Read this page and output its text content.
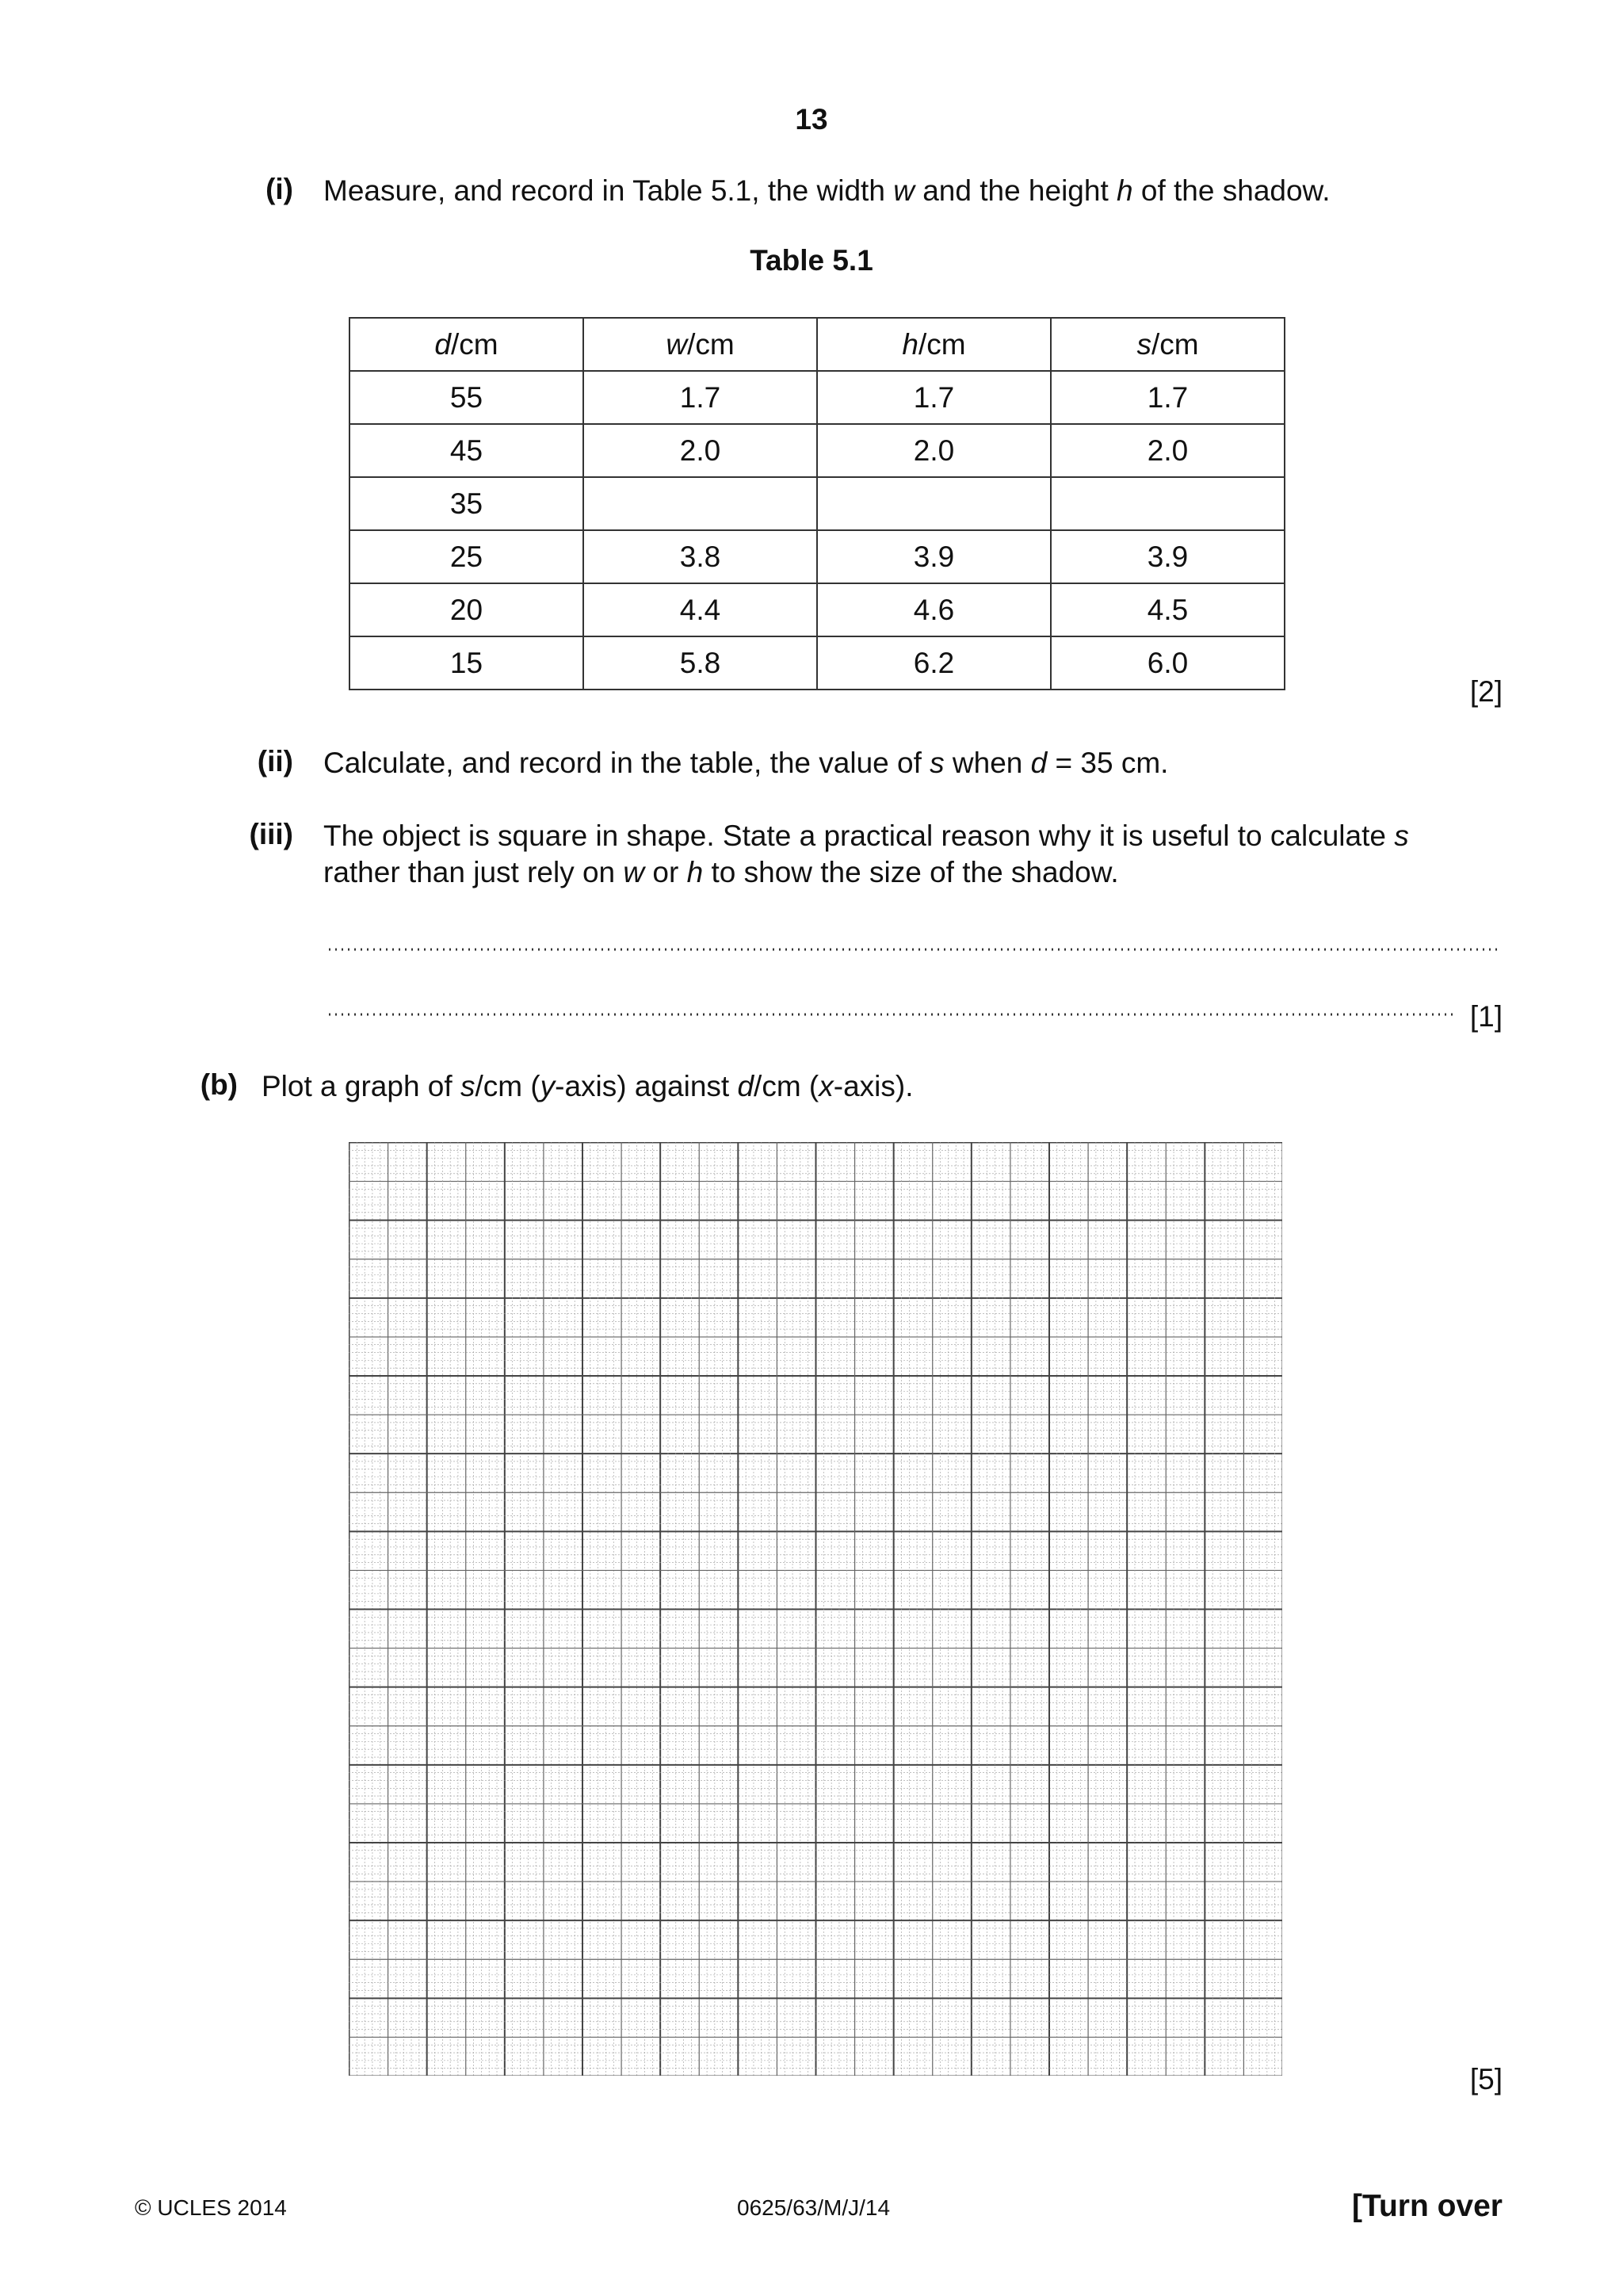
13
(i) Measure, and record in Table 5.1, the width w and the height h of the shadow.
Table 5.1
d/cm	w/cm	h/cm	s/cm
55	1.7	1.7	1.7
45	2.0	2.0	2.0
35			
25	3.8	3.9	3.9
20	4.4	4.6	4.5
15	5.8	6.2	6.0
[2]
(ii) Calculate, and record in the table, the value of s when d = 35 cm.
(iii) The object is square in shape. State a practical reason why it is useful to calculate s
rather than just rely on w or h to show the size of the shadow.
[1]
(b) Plot a graph of s/cm (y-axis) against d/cm (x-axis).
[5]
© UCLES 2014	0625/63/M/J/14	[Turn over
